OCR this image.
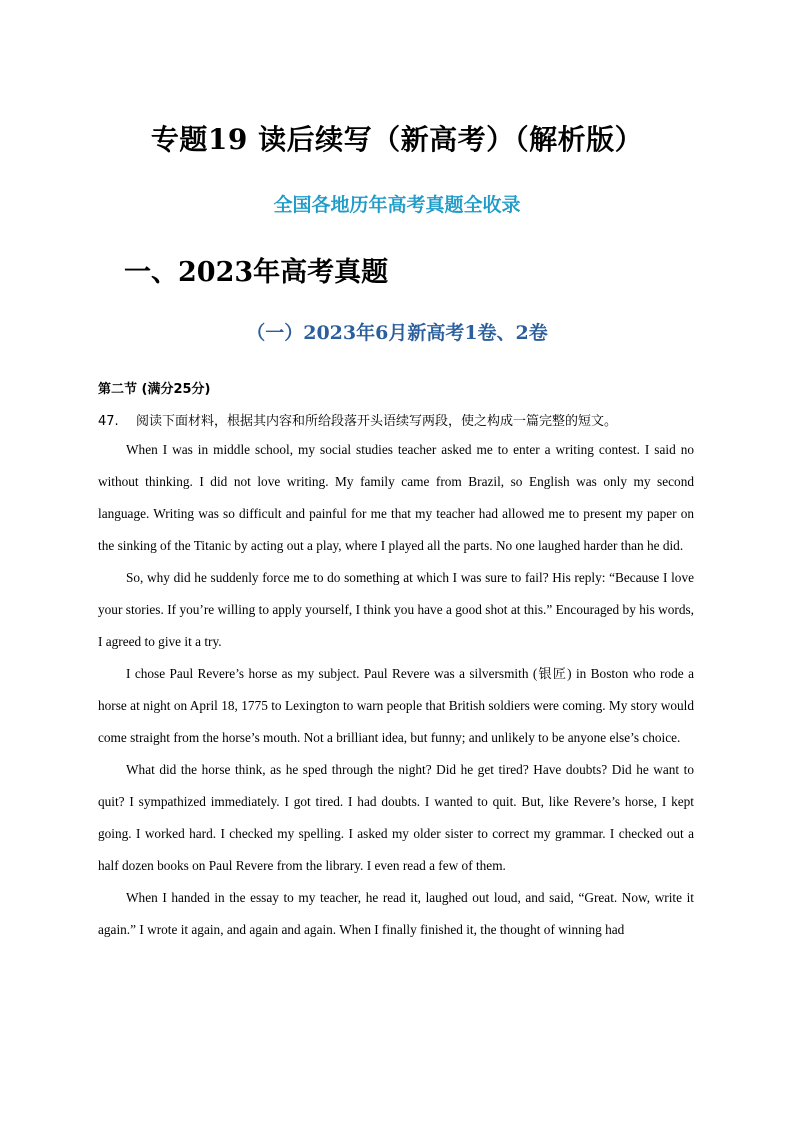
专题19 读后续写（新高考）（解析版）
全国各地历年高考真题全收录
一、2023年高考真题
（一）2023年6月新高考1卷、2卷
第二节 (满分25分)
47. 阅读下面材料，根据其内容和所给段落开头语续写两段，使之构成一篇完整的短文。

When I was in middle school, my social studies teacher asked me to enter a writing contest. I said no without thinking. I did not love writing. My family came from Brazil, so English was only my second language. Writing was so difficult and painful for me that my teacher had allowed me to present my paper on the sinking of the Titanic by acting out a play, where I played all the parts. No one laughed harder than he did.

So, why did he suddenly force me to do something at which I was sure to fail? His reply: “Because I love your stories. If you’re willing to apply yourself, I think you have a good shot at this.” Encouraged by his words, I agreed to give it a try.

I chose Paul Revere’s horse as my subject. Paul Revere was a silversmith (银匠) in Boston who rode a horse at night on April 18, 1775 to Lexington to warn people that British soldiers were coming. My story would come straight from the horse’s mouth. Not a brilliant idea, but funny; and unlikely to be anyone else’s choice.

What did the horse think, as he sped through the night? Did he get tired? Have doubts? Did he want to quit? I sympathized immediately. I got tired. I had doubts. I wanted to quit. But, like Revere’s horse, I kept going. I worked hard. I checked my spelling. I asked my older sister to correct my grammar. I checked out a half dozen books on Paul Revere from the library. I even read a few of them.

When I handed in the essay to my teacher, he read it, laughed out loud, and said, “Great. Now, write it again.” I wrote it again, and again and again. When I finally finished it, the thought of winning had
